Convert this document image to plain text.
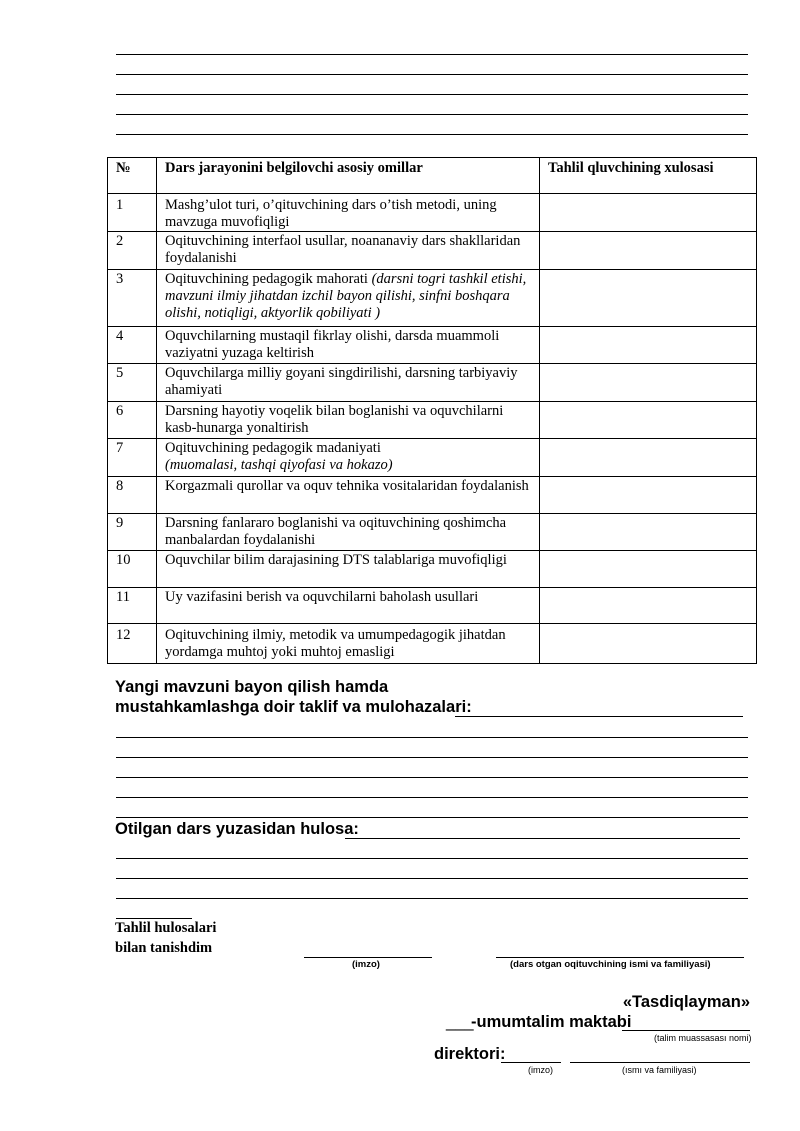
№	Dars jarayonini belgilovchi asosiy omillar	Tahlil qluvchining xulosasi
1	Mashg’ulot turi, o’qituvchining dars o’tish metodi, uning mavzuga muvofiqligi	
2	Oqituvchining interfaol usullar, noananaviy dars shakllaridan foydalanishi	
3	Oqituvchining pedagogik mahorati (darsni togri tashkil etishi, mavzuni ilmiy jihatdan izchil bayon qilishi, sinfni boshqara olishi, notiqligi, aktyorlik qobiliyati )	
4	Oquvchilarning mustaqil fikrlay olishi, darsda muammoli vaziyatni yuzaga keltirish	
5	Oquvchilarga milliy goyani singdirilishi, darsning tarbiyaviy ahamiyati	
6	Darsning hayotiy voqelik bilan boglanishi va oquvchilarni kasb-hunarga yonaltirish	
7	Oqituvchining pedagogik madaniyati
(muomalasi, tashqi qiyofasi va hokazo)	
8	Korgazmali qurollar va oquv tehnika vositalaridan foydalanish	
9	Darsning fanlararo boglanishi va oqituvchining qoshimcha manbalardan foydalanishi	
10	Oquvchilar bilim darajasining DTS talablariga muvofiqligi	
11	Uy vazifasini berish va oquvchilarni baholash usullari	
12	Oqituvchining ilmiy, metodik va umumpedagogik jihatdan yordamga muhtoj yoki muhtoj emasligi	
Yangi mavzuni bayon qilish hamda
mustahkamlashga doir taklif va mulohazalari:
Otilgan dars yuzasidan hulosa:
Tahlil hulosalari
bilan tanishdim
(imzo)	(dars otgan oqituvchining ismi va familiyasi)
«Tasdiqlayman»
___
-umumtalim maktabi
(talim muassasası nomi)
direktori:
(imzo)	(ısmı va familiyasi)
